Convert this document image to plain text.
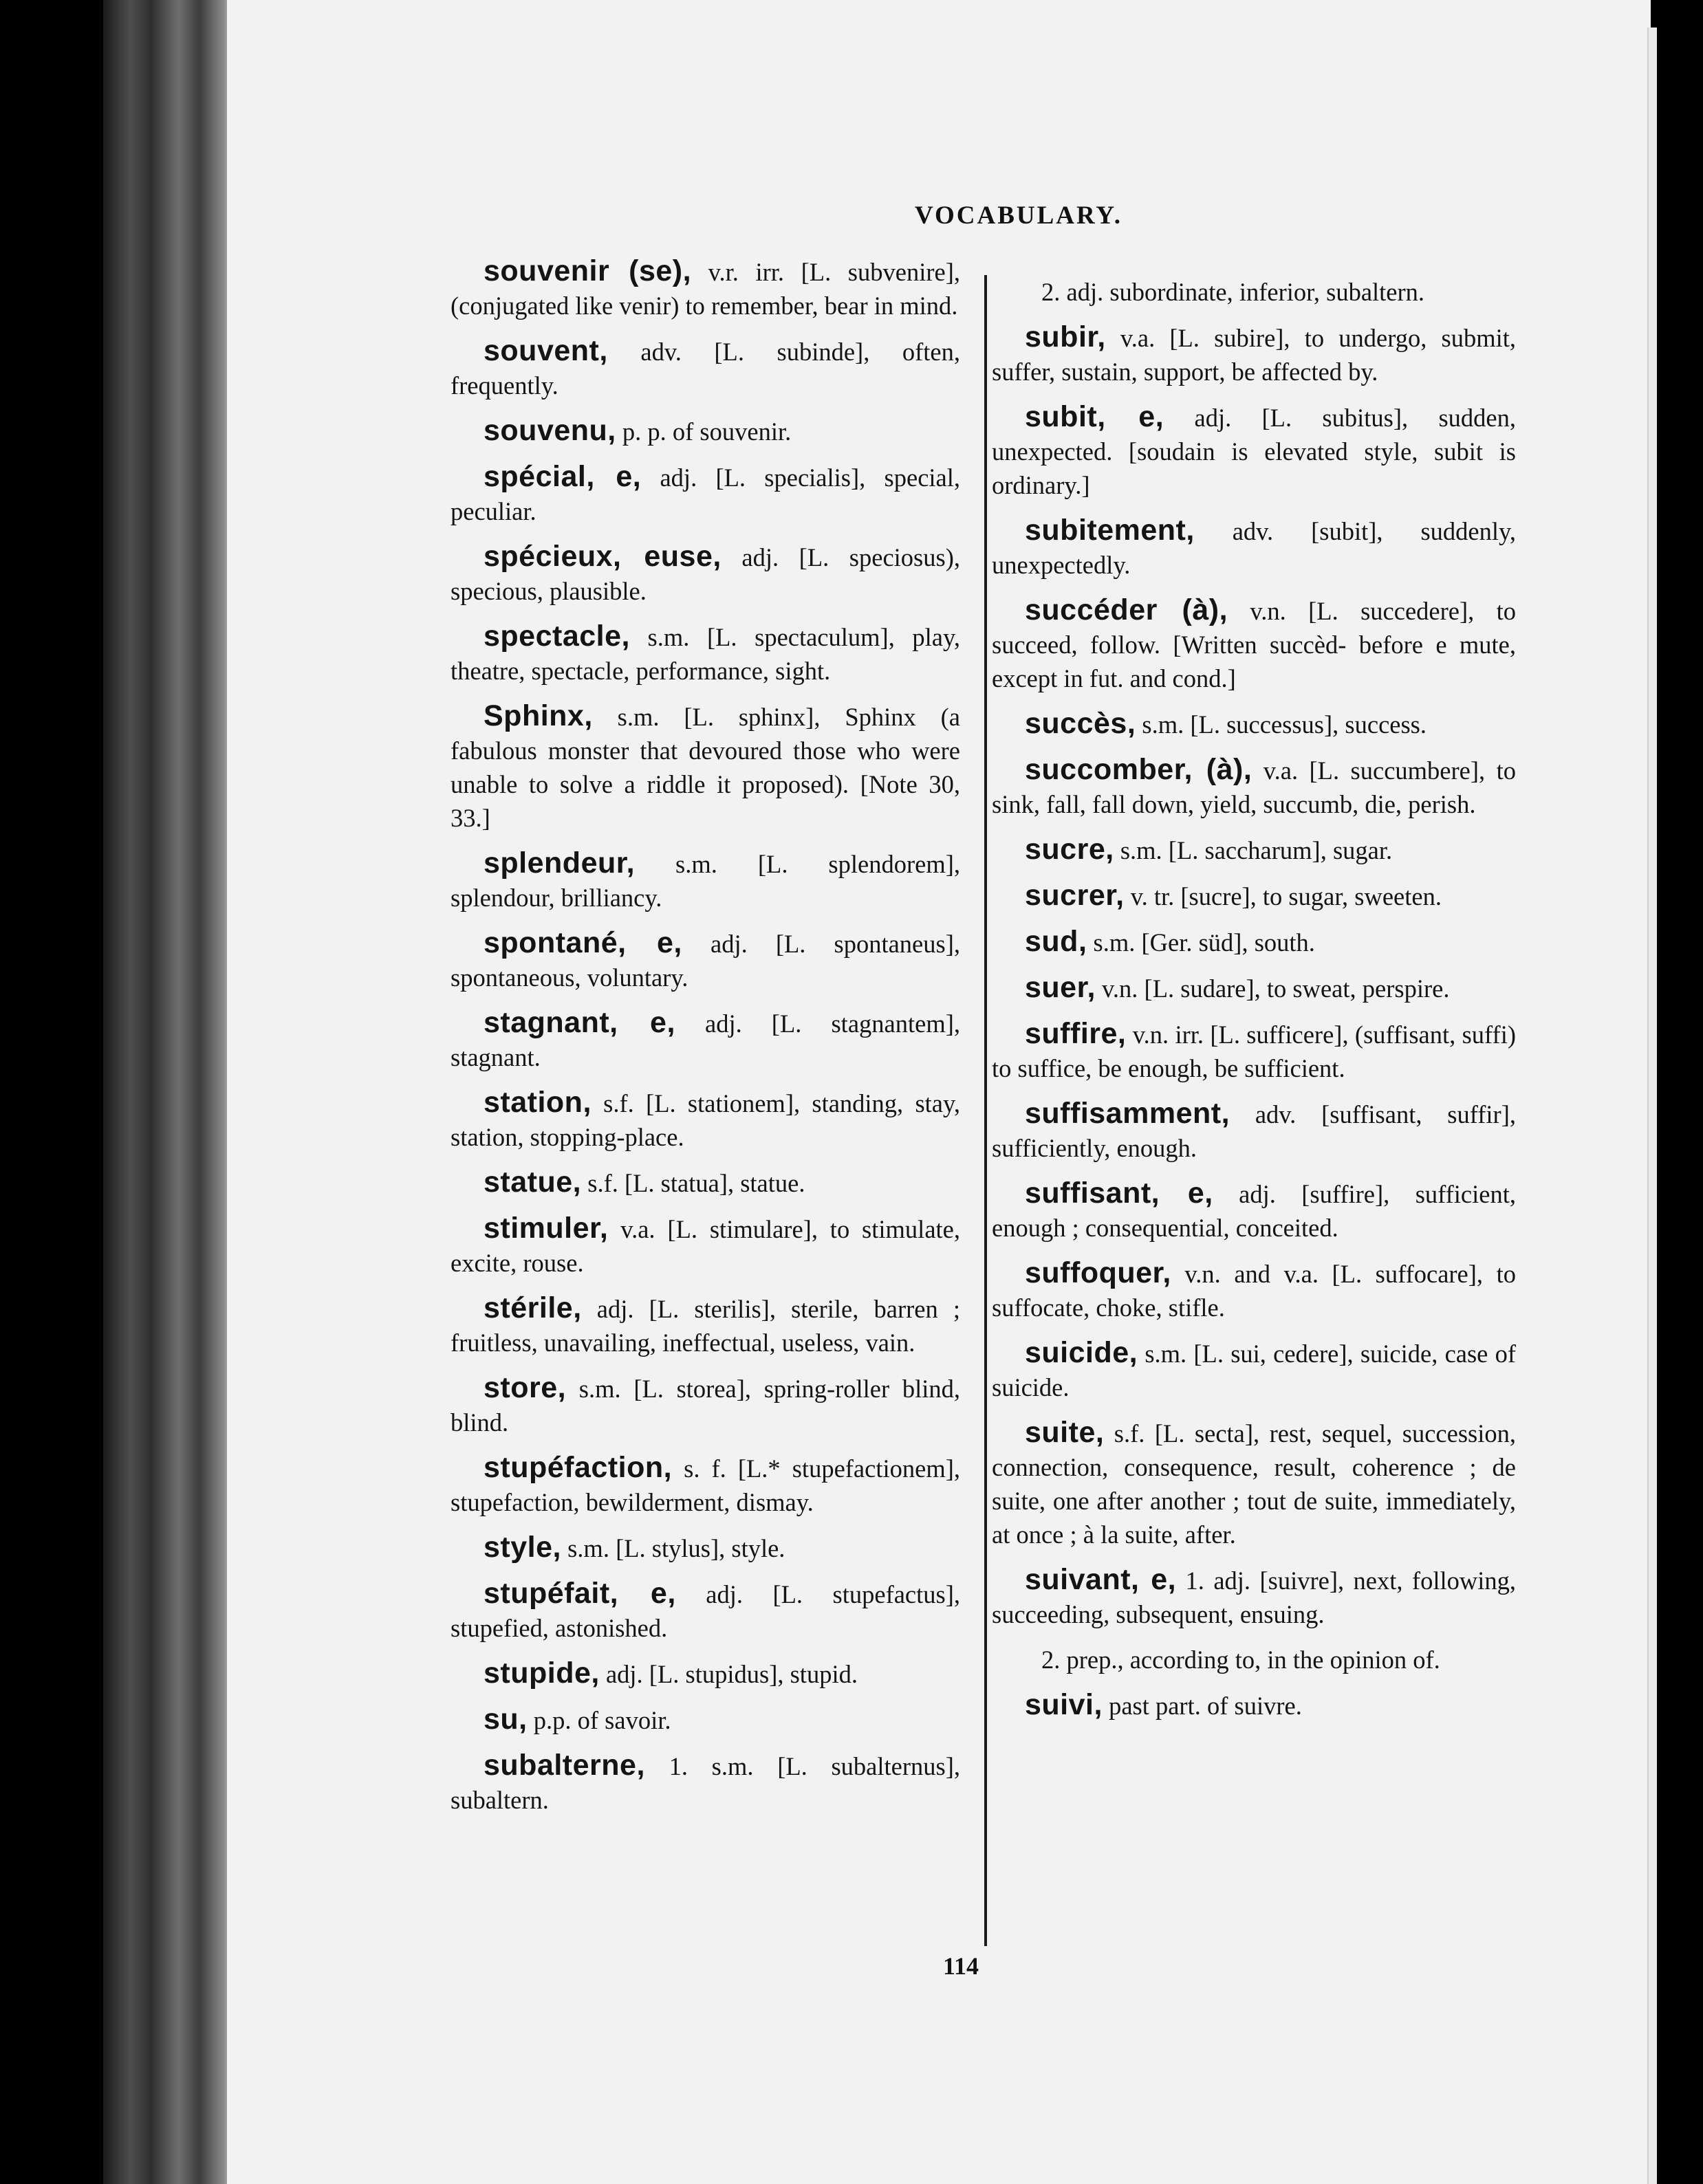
VOCABULARY.

souvenir (se), v.r. irr. [L. subvenire], (conjugated like venir) to remember, bear in mind.

souvent, adv. [L. subinde], often, frequently.

souvenu, p. p. of souvenir.

spécial, e, adj. [L. specialis], special, peculiar.

spécieux, euse, adj. [L. speciosus), specious, plausible.

spectacle, s.m. [L. spectaculum], play, theatre, spectacle, performance, sight.

Sphinx, s.m. [L. sphinx], Sphinx (a fabulous monster that devoured those who were unable to solve a riddle it proposed). [Note 30, 33.]

splendeur, s.m. [L. splendorem], splendour, brilliancy.

spontané, e, adj. [L. spontaneus], spontaneous, voluntary.

stagnant, e, adj. [L. stagnantem], stagnant.

station, s.f. [L. stationem], standing, stay, station, stopping-place.

statue, s.f. [L. statua], statue.

stimuler, v.a. [L. stimulare], to stimulate, excite, rouse.

stérile, adj. [L. sterilis], sterile, barren ; fruitless, unavailing, ineffectual, useless, vain.

store, s.m. [L. storea], spring-roller blind, blind.

stupéfaction, s. f. [L.* stupefactionem], stupefaction, bewilderment, dismay.

style, s.m. [L. stylus], style.

stupéfait, e, adj. [L. stupefactus], stupefied, astonished.

stupide, adj. [L. stupidus], stupid.

su, p.p. of savoir.

subalterne, 1. s.m. [L. subalternus], subaltern.

2. adj. subordinate, inferior, subaltern.

subir, v.a. [L. subire], to undergo, submit, suffer, sustain, support, be affected by.

subit, e, adj. [L. subitus], sudden, unexpected. [soudain is elevated style, subit is ordinary.]

subitement, adv. [subit], suddenly, unexpectedly.

succéder (à), v.n. [L. succedere], to succeed, follow. [Written succèd- before e mute, except in fut. and cond.]

succès, s.m. [L. successus], success.

succomber, (à), v.a. [L. succumbere], to sink, fall, fall down, yield, succumb, die, perish.

sucre, s.m. [L. saccharum], sugar.

sucrer, v. tr. [sucre], to sugar, sweeten.

sud, s.m. [Ger. süd], south.

suer, v.n. [L. sudare], to sweat, perspire.

suffire, v.n. irr. [L. sufficere], (suffisant, suffi) to suffice, be enough, be sufficient.

suffisamment, adv. [suffisant, suffir], sufficiently, enough.

suffisant, e, adj. [suffire], sufficient, enough ; consequential, conceited.

suffoquer, v.n. and v.a. [L. suffocare], to suffocate, choke, stifle.

suicide, s.m. [L. sui, cedere], suicide, case of suicide.

suite, s.f. [L. secta], rest, sequel, succession, connection, consequence, result, coherence ; de suite, one after another ; tout de suite, immediately, at once ; à la suite, after.

suivant, e, 1. adj. [suivre], next, following, succeeding, subsequent, ensuing.

2. prep., according to, in the opinion of.

suivi, past part. of suivre.

114
